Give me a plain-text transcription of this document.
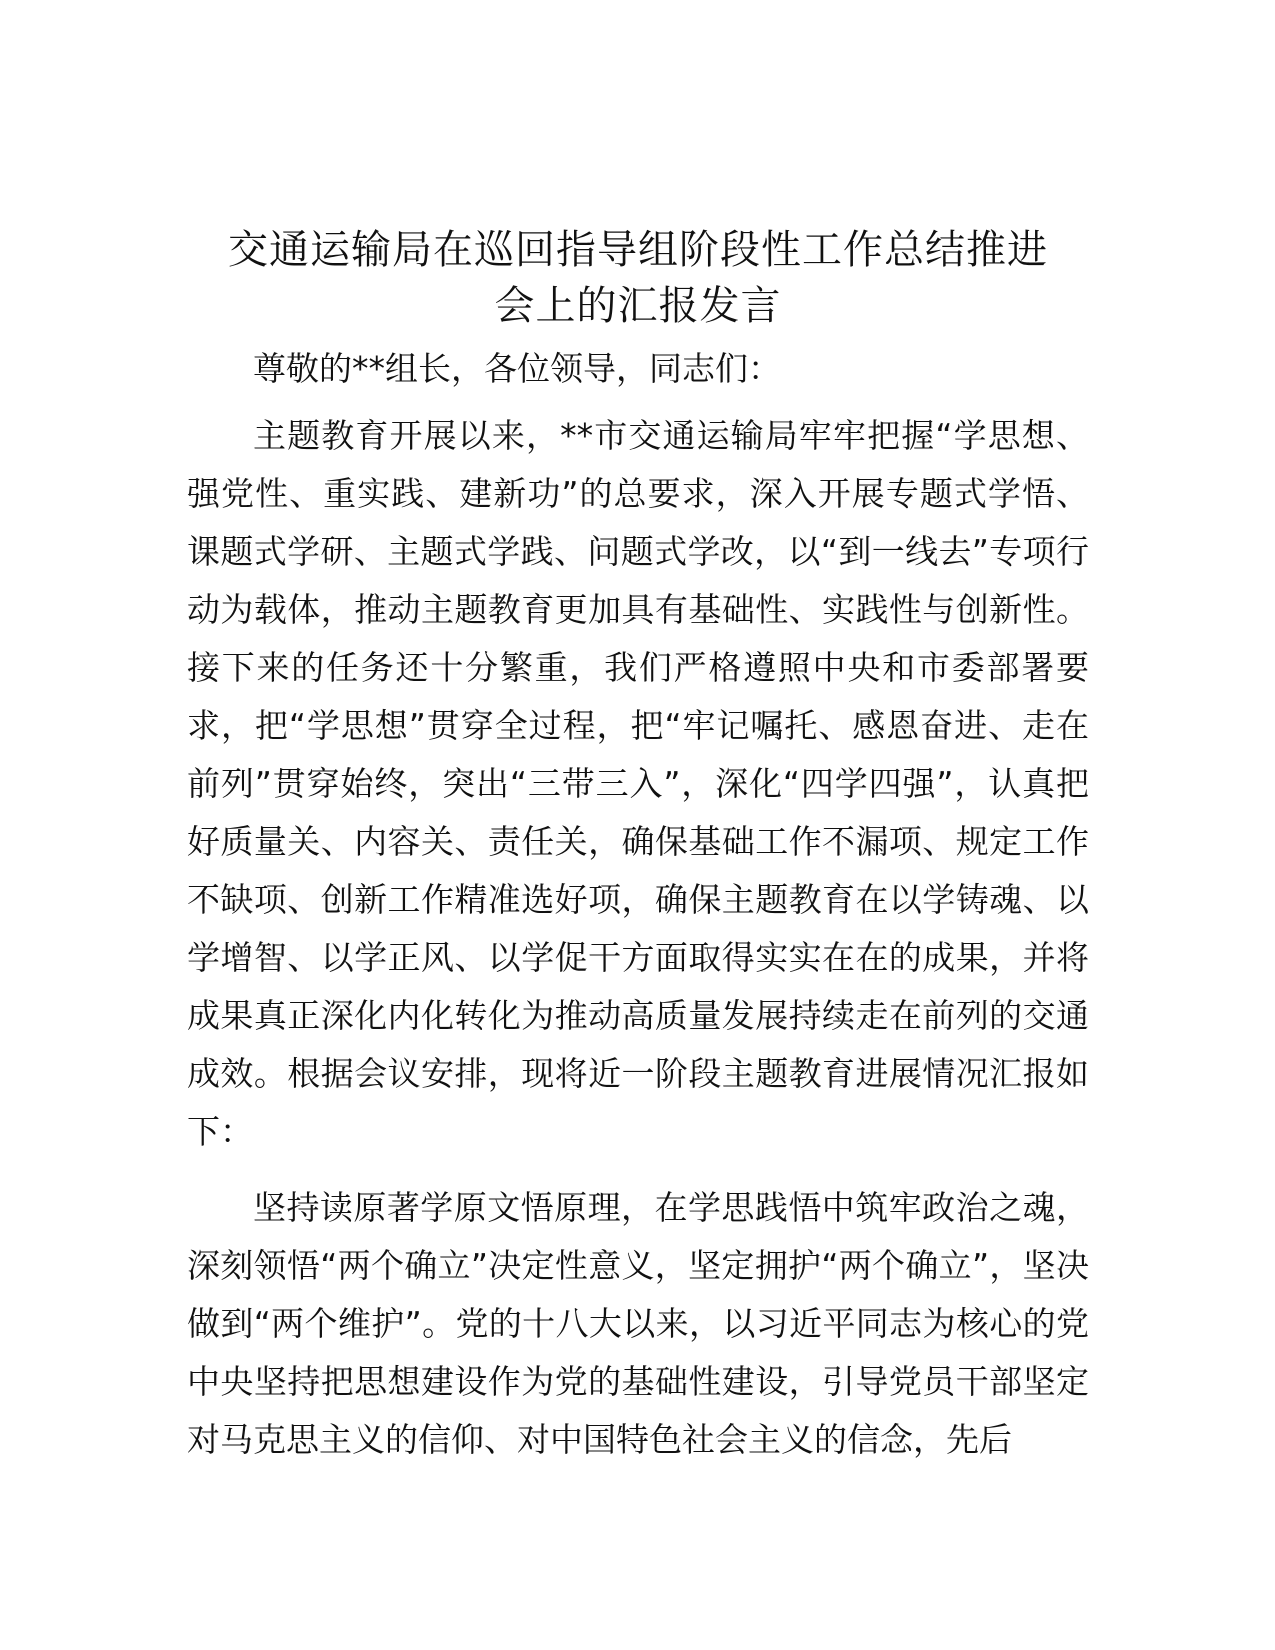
交通运输局在巡回指导组阶段性工作总结推进
会上的汇报发言

尊敬的**组长，各位领导，同志们：

主题教育开展以来，**市交通运输局牢牢把握“学思想、强党性、重实践、建新功”的总要求，深入开展专题式学悟、课题式学研、主题式学践、问题式学改，以“到一线去”专项行动为载体，推动主题教育更加具有基础性、实践性与创新性。接下来的任务还十分繁重，我们严格遵照中央和市委部署要求，把“学思想”贯穿全过程，把“牢记嘱托、感恩奋进、走在前列”贯穿始终，突出“三带三入”，深化“四学四强”，认真把好质量关、内容关、责任关，确保基础工作不漏项、规定工作不缺项、创新工作精准选好项，确保主题教育在以学铸魂、以学增智、以学正风、以学促干方面取得实实在在的成果，并将成果真正深化内化转化为推动高质量发展持续走在前列的交通成效。根据会议安排，现将近一阶段主题教育进展情况汇报如下：

坚持读原著学原文悟原理，在学思践悟中筑牢政治之魂，深刻领悟“两个确立”决定性意义，坚定拥护“两个确立”，坚决做到“两个维护”。党的十八大以来，以习近平同志为核心的党中央坚持把思想建设作为党的基础性建设，引导党员干部坚定对马克思主义的信仰、对中国特色社会主义的信念，先后
